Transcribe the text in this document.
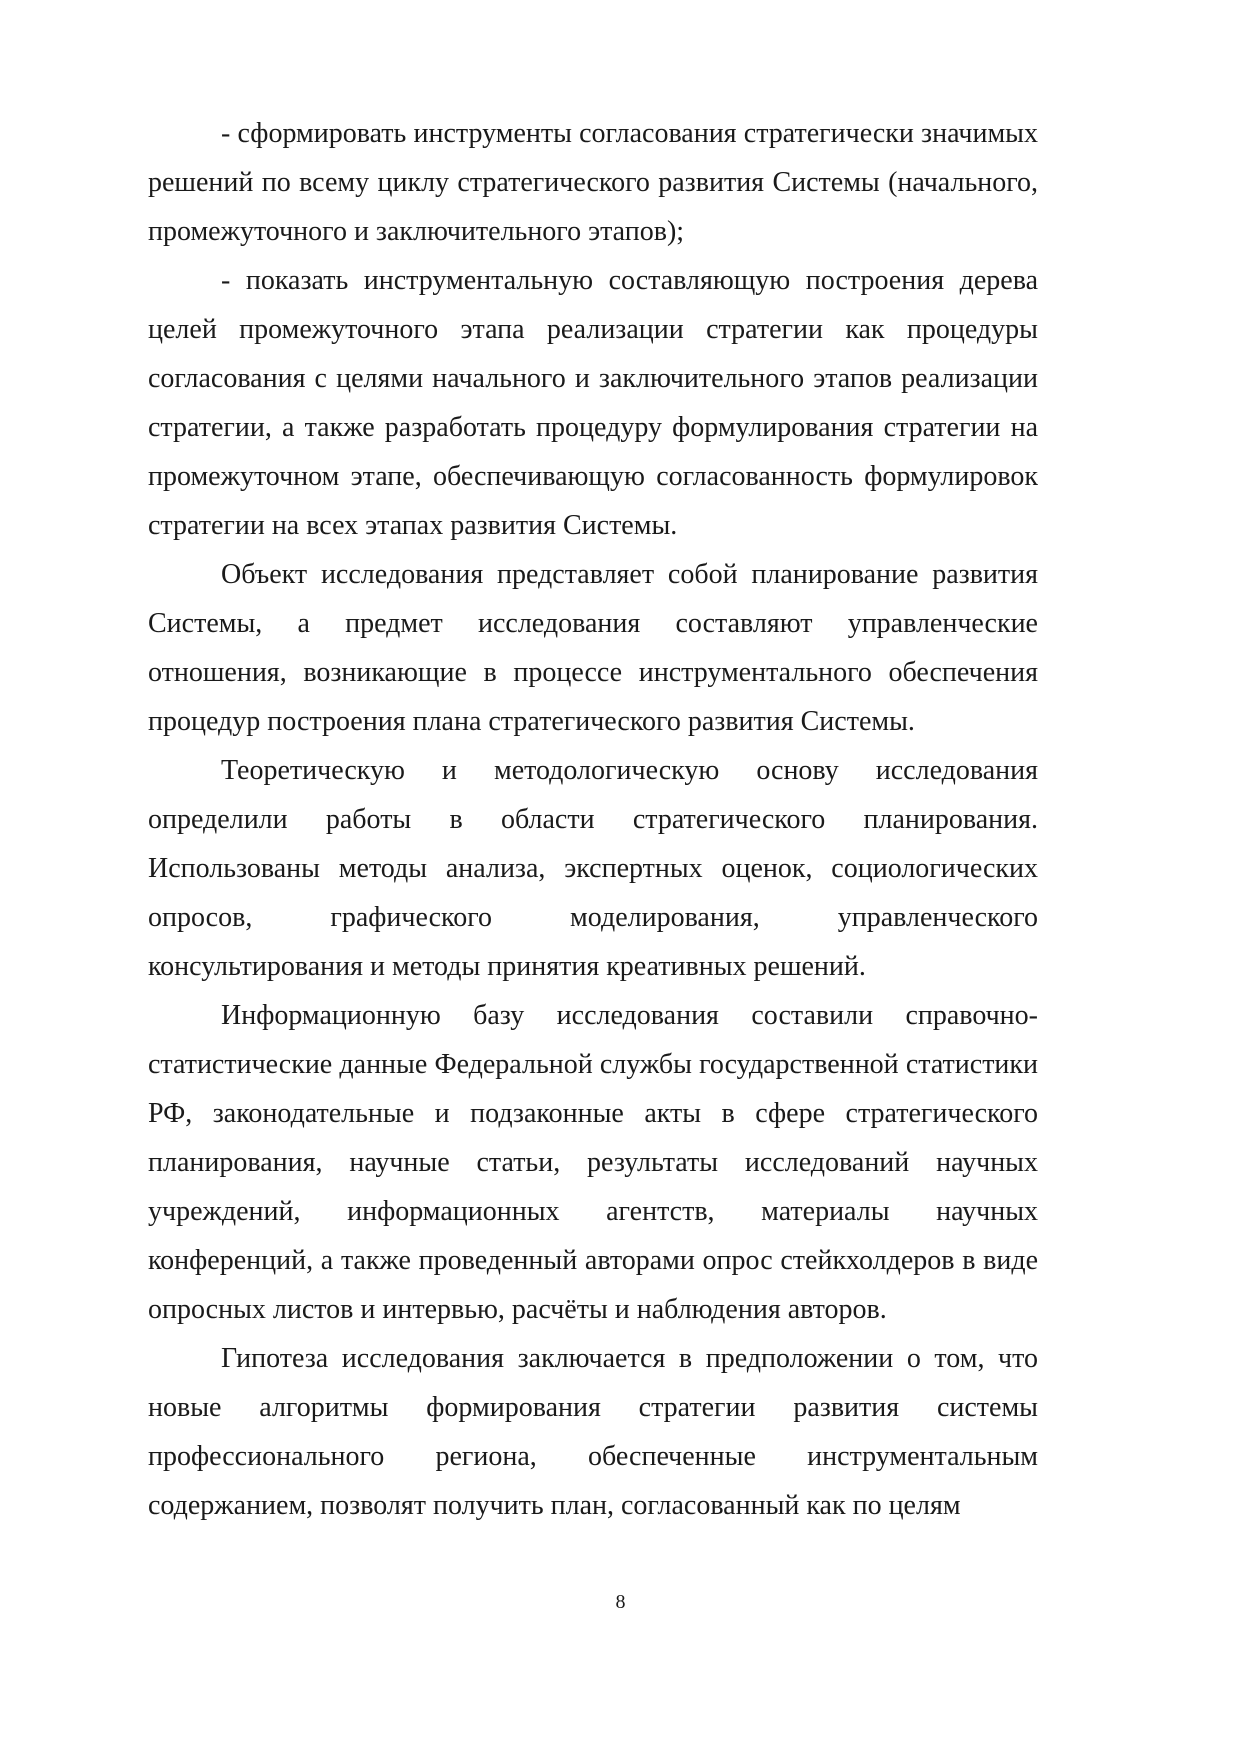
- сформировать инструменты согласования стратегически значимых решений по всему циклу стратегического развития Системы (начального, промежуточного и заключительного этапов);

- показать инструментальную составляющую построения дерева целей промежуточного этапа реализации стратегии как процедуры согласования с целями начального и заключительного этапов реализации стратегии, а также разработать процедуру формулирования стратегии на промежуточном этапе, обеспечивающую согласованность формулировок стратегии на всех этапах развития Системы.

Объект исследования представляет собой планирование развития Системы, а предмет исследования составляют управленческие отношения, возникающие в процессе инструментального обеспечения процедур построения плана стратегического развития Системы.

Теоретическую и методологическую основу исследования определили работы в области стратегического планирования. Использованы методы анализа, экспертных оценок, социологических опросов, графического моделирования, управленческого консультирования и методы принятия креативных решений.

Информационную базу исследования составили справочно-статистические данные Федеральной службы государственной статистики РФ, законодательные и подзаконные акты в сфере стратегического планирования, научные статьи, результаты исследований научных учреждений, информационных агентств, материалы научных конференций, а также проведенный авторами опрос стейкхолдеров в виде опросных листов и интервью, расчёты и наблюдения авторов.

Гипотеза исследования заключается в предположении о том, что новые алгоритмы формирования стратегии развития системы профессионального региона, обеспеченные инструментальным содержанием, позволят получить план, согласованный как по целям

8
